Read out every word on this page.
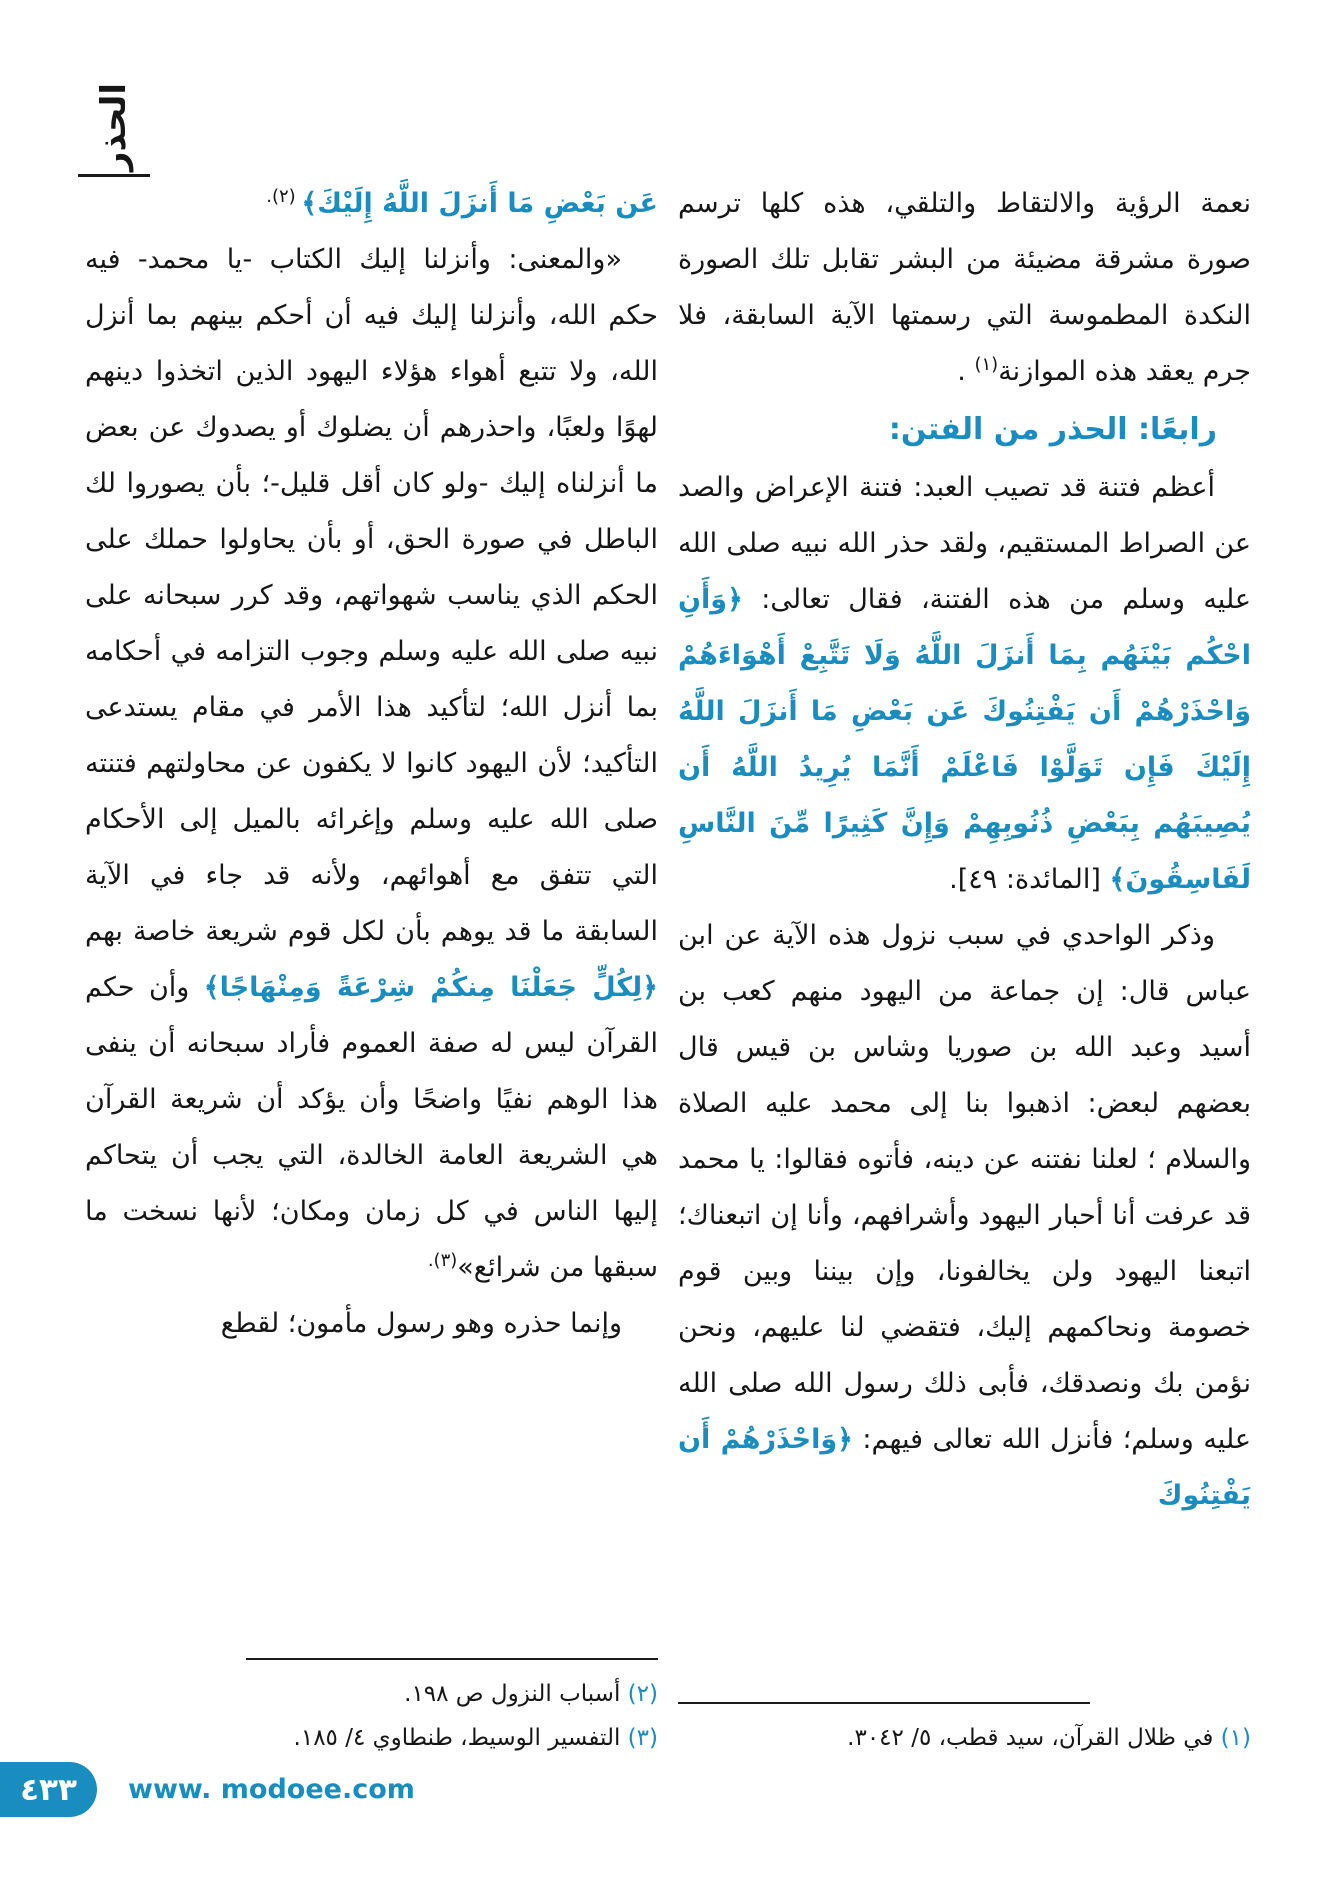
الحذر

نعمة الرؤية والالتقاط والتلقي، هذه كلها ترسم صورة مشرقة مضيئة من البشر تقابل تلك الصورة النكدة المطموسة التي رسمتها الآية السابقة، فلا جرم يعقد هذه الموازنة$^{(١)}$ .

رابعًا: الحذر من الفتن:

أعظم فتنة قد تصيب العبد: فتنة الإعراض والصد عن الصراط المستقيم، ولقد حذر الله نبيه صلى الله عليه وسلم من هذه الفتنة، فقال تعالى: ﴿وَأَنِ احْكُم بَيْنَهُم بِمَا أَنزَلَ اللَّهُ وَلَا تَتَّبِعْ أَهْوَاءَهُمْ وَاحْذَرْهُمْ أَن يَفْتِنُوكَ عَن بَعْضِ مَا أَنزَلَ اللَّهُ إِلَيْكَ فَإِن تَوَلَّوْا فَاعْلَمْ أَنَّمَا يُرِيدُ اللَّهُ أَن يُصِيبَهُم بِبَعْضِ ذُنُوبِهِمْ وَإِنَّ كَثِيرًا مِّنَ النَّاسِ لَفَاسِقُونَ﴾ [المائدة: ٤٩].

وذكر الواحدي في سبب نزول هذه الآية عن ابن عباس قال: إن جماعة من اليهود منهم كعب بن أسيد وعبد الله بن صوريا وشاس بن قيس قال بعضهم لبعض: اذهبوا بنا إلى محمد عليه الصلاة والسلام ؛ لعلنا نفتنه عن دينه، فأتوه فقالوا: يا محمد قد عرفت أنا أحبار اليهود وأشرافهم، وأنا إن اتبعناك؛ اتبعنا اليهود ولن يخالفونا، وإن بيننا وبين قوم خصومة ونحاكمهم إليك، فتقضي لنا عليهم، ونحن نؤمن بك ونصدقك، فأبى ذلك رسول الله صلى الله عليه وسلم؛ فأنزل الله تعالى فيهم: ﴿وَاحْذَرْهُمْ أَن يَفْتِنُوكَ

(١) في ظلال القرآن، سيد قطب، ٥/ ٣٠٤٢.

عَن بَعْضِ مَا أَنزَلَ اللَّهُ إِلَيْكَ﴾ $^{(٢).}$

«والمعنى: وأنزلنا إليك الكتاب -يا محمد- فيه حكم الله، وأنزلنا إليك فيه أن أحكم بينهم بما أنزل الله، ولا تتبع أهواء هؤلاء اليهود الذين اتخذوا دينهم لهوًا ولعبًا، واحذرهم أن يضلوك أو يصدوك عن بعض ما أنزلناه إليك -ولو كان أقل قليل-؛ بأن يصوروا لك الباطل في صورة الحق، أو بأن يحاولوا حملك على الحكم الذي يناسب شهواتهم، وقد كرر سبحانه على نبيه صلى الله عليه وسلم وجوب التزامه في أحكامه بما أنزل الله؛ لتأكيد هذا الأمر في مقام يستدعى التأكيد؛ لأن اليهود كانوا لا يكفون عن محاولتهم فتنته صلى الله عليه وسلم وإغرائه بالميل إلى الأحكام التي تتفق مع أهوائهم، ولأنه قد جاء في الآية السابقة ما قد يوهم بأن لكل قوم شريعة خاصة بهم ﴿لِكُلٍّ جَعَلْنَا مِنكُمْ شِرْعَةً وَمِنْهَاجًا﴾ وأن حكم القرآن ليس له صفة العموم فأراد سبحانه أن ينفى هذا الوهم نفيًا واضحًا وأن يؤكد أن شريعة القرآن هي الشريعة العامة الخالدة، التي يجب أن يتحاكم إليها الناس في كل زمان ومكان؛ لأنها نسخت ما سبقها من شرائع»$^{(٣).}$

وإنما حذره وهو رسول مأمون؛ لقطع

(٢) أسباب النزول ص ١٩٨.

(٣) التفسير الوسيط، طنطاوي ٤/ ١٨٥.

٤٣٣ www. modoee.com
